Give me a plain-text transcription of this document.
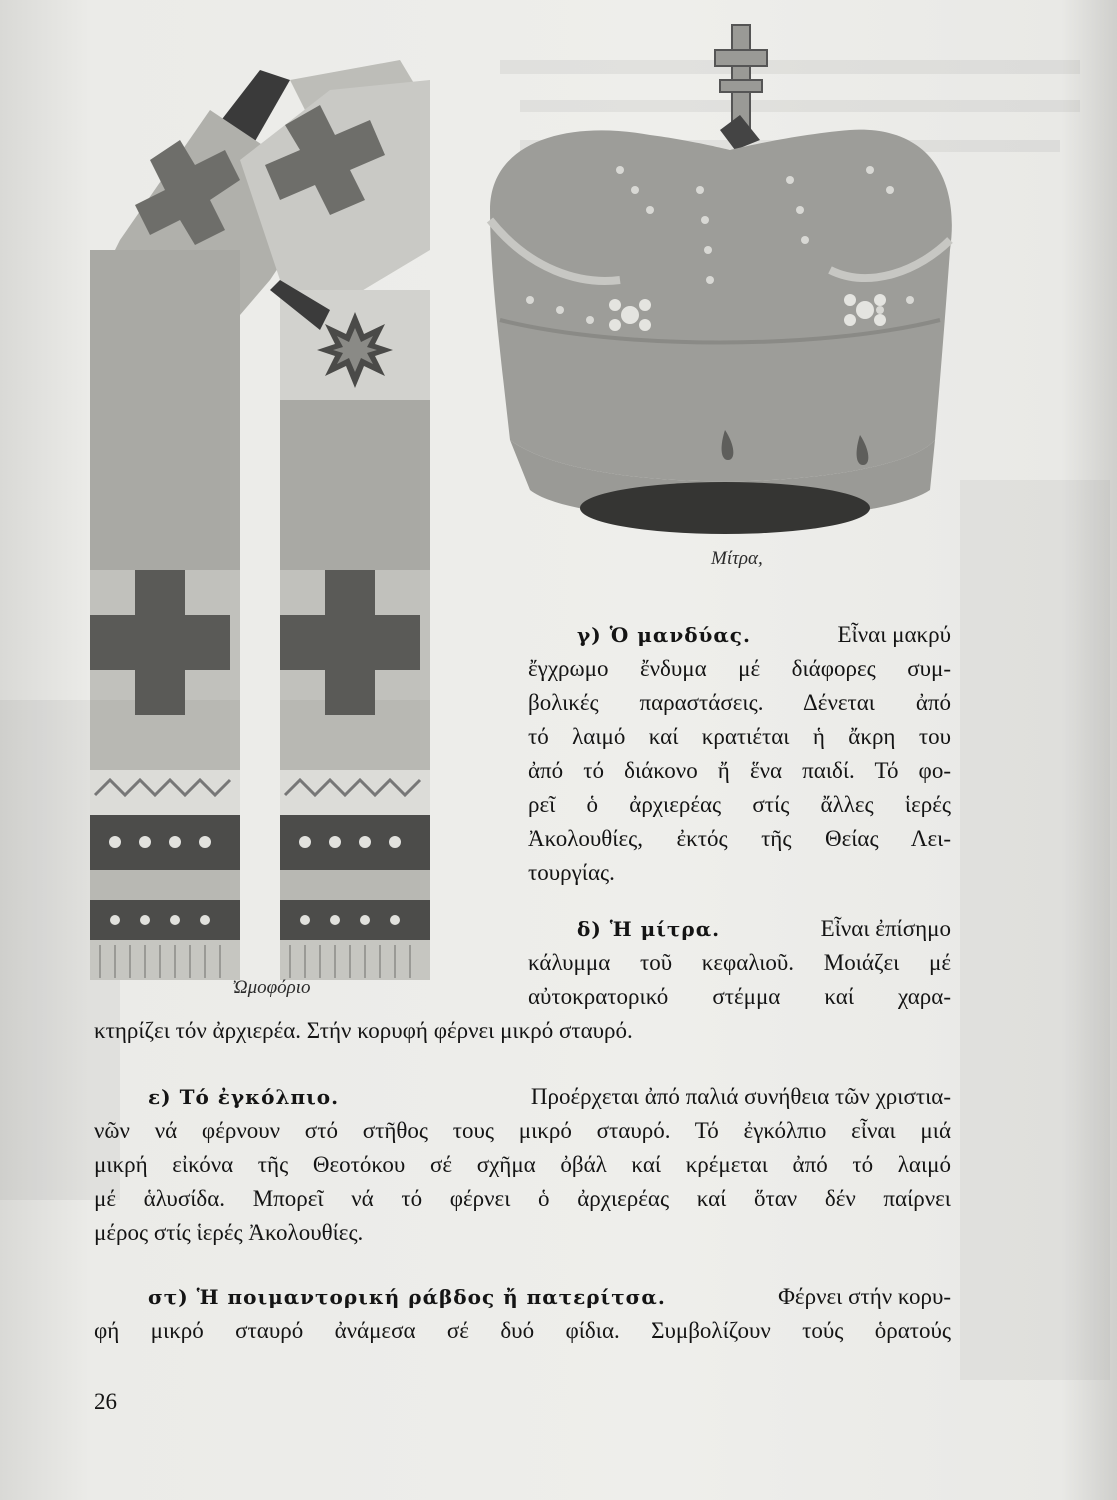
Μίτρα,
Ὠμοφόριο
γ) Ὁ μανδύας.	Εἶναι μακρύ
ἔγχρωμο ἔνδυμα μέ διάφορες συμ-
βολικές παραστάσεις. Δένεται ἀπό
τό λαιμό καί κρατιέται ἡ ἄκρη του
ἀπό τό διάκονο ἤ ἕνα παιδί. Τό φο-
ρεῖ ὁ ἀρχιερέας στίς ἄλλες ἱερές
Ἀκολουθίες, ἐκτός τῆς Θείας Λει-
τουργίας.
δ) Ἡ μίτρα.	Εἶναι ἐπίσημο
κάλυμμα τοῦ κεφαλιοῦ. Μοιάζει μέ
αὐτοκρατορικό στέμμα καί χαρα-
κτηρίζει τόν ἀρχιερέα. Στήν κορυφή φέρνει μικρό σταυρό.
ε) Τό ἐγκόλπιο.	Προέρχεται ἀπό παλιά συνήθεια τῶν χριστια-
νῶν νά φέρνουν στό στῆθος τους μικρό σταυρό. Τό ἐγκόλπιο εἶναι μιά
μικρή εἰκόνα τῆς Θεοτόκου σέ σχῆμα ὀβάλ καί κρέμεται ἀπό τό λαιμό
μέ ἁλυσίδα. Μπορεῖ νά τό φέρνει ὁ ἀρχιερέας καί ὅταν δέν παίρνει
μέρος στίς ἱερές Ἀκολουθίες.
στ) Ἡ ποιμαντορική ράβδος ἤ πατερίτσα.	Φέρνει στήν κορυ-
φή μικρό σταυρό ἀνάμεσα σέ δυό φίδια. Συμβολίζουν τούς ὁρατούς
26
